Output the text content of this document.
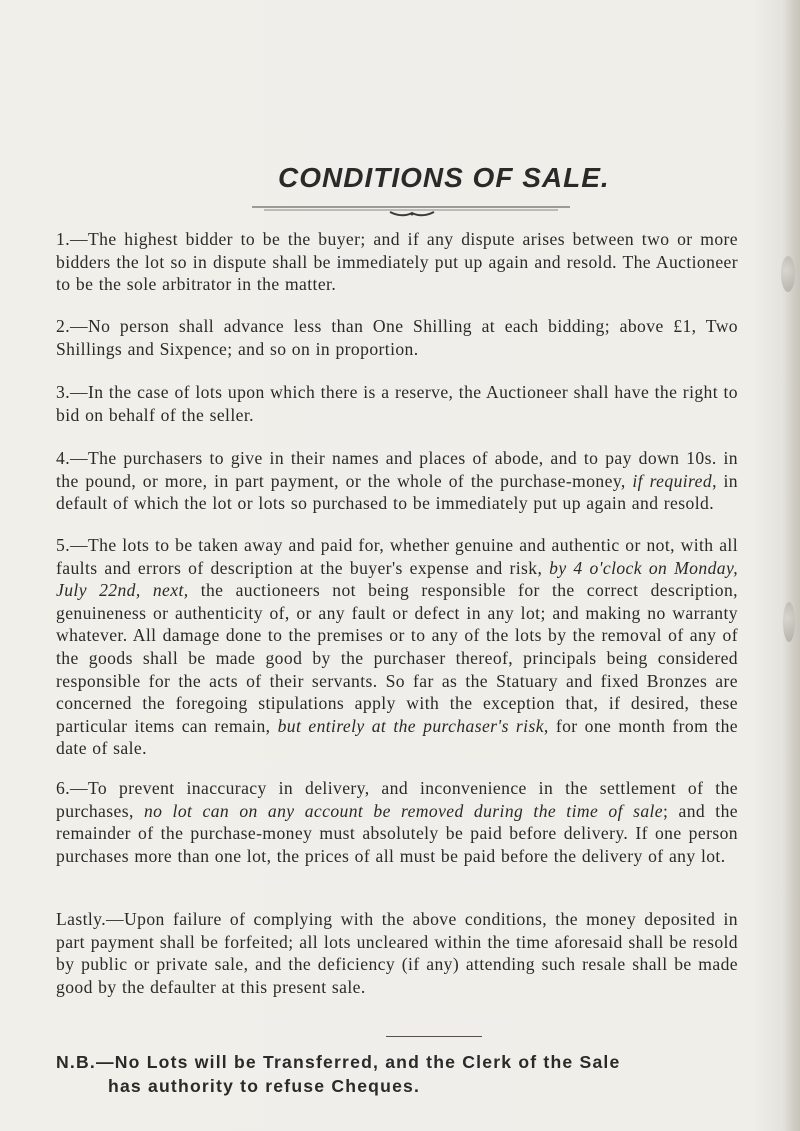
CONDITIONS OF SALE.
1.—The highest bidder to be the buyer; and if any dispute arises between two or more bidders the lot so in dispute shall be immediately put up again and resold. The Auctioneer to be the sole arbitrator in the matter.
2.—No person shall advance less than One Shilling at each bidding; above £1, Two Shillings and Sixpence; and so on in proportion.
3.—In the case of lots upon which there is a reserve, the Auctioneer shall have the right to bid on behalf of the seller.
4.—The purchasers to give in their names and places of abode, and to pay down 10s. in the pound, or more, in part payment, or the whole of the purchase-money, if required, in default of which the lot or lots so purchased to be immediately put up again and resold.
5.—The lots to be taken away and paid for, whether genuine and authentic or not, with all faults and errors of description at the buyer's expense and risk, by 4 o'clock on Monday, July 22nd, next, the auctioneers not being responsible for the correct description, genuineness or authenticity of, or any fault or defect in any lot; and making no warranty whatever. All damage done to the premises or to any of the lots by the removal of any of the goods shall be made good by the purchaser thereof, principals being considered responsible for the acts of their servants. So far as the Statuary and fixed Bronzes are concerned the foregoing stipulations apply with the exception that, if desired, these particular items can remain, but entirely at the purchaser's risk, for one month from the date of sale.
6.—To prevent inaccuracy in delivery, and inconvenience in the settlement of the purchases, no lot can on any account be removed during the time of sale; and the remainder of the purchase-money must absolutely be paid before delivery. If one person purchases more than one lot, the prices of all must be paid before the delivery of any lot.
Lastly.—Upon failure of complying with the above conditions, the money deposited in part payment shall be forfeited; all lots uncleared within the time aforesaid shall be resold by public or private sale, and the deficiency (if any) attending such resale shall be made good by the defaulter at this present sale.
N.B.—No Lots will be Transferred, and the Clerk of the Sale
has authority to refuse Cheques.
